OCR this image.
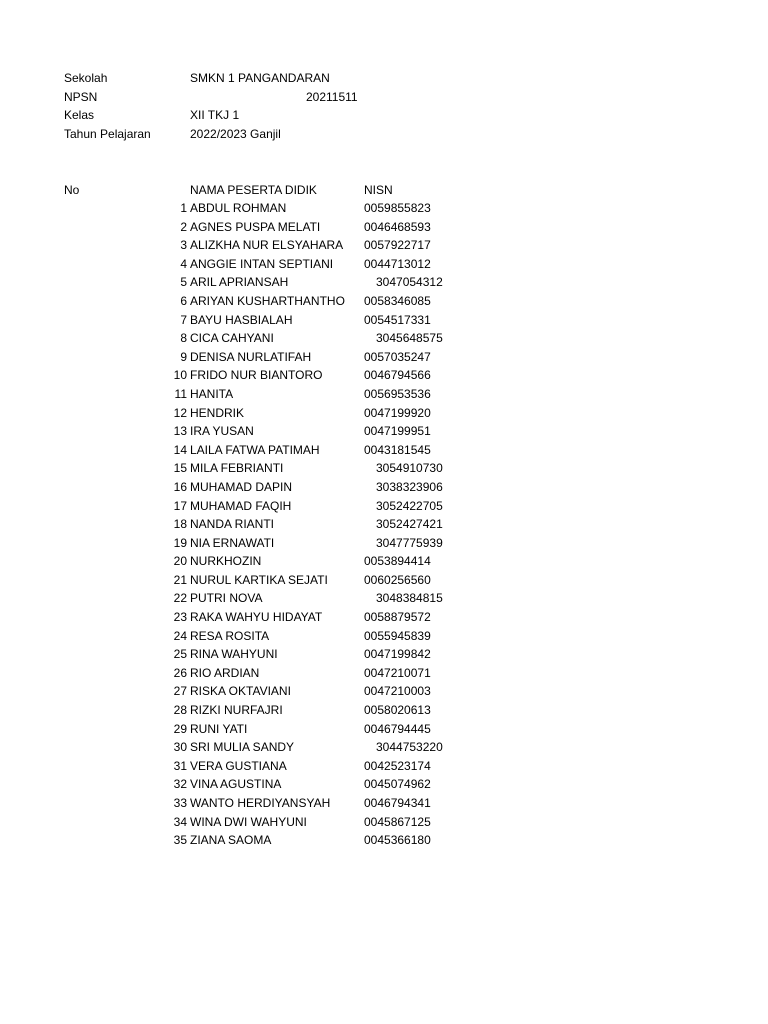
Sekolah	SMKN 1 PANGANDARAN
NPSN	20211511
Kelas	XII TKJ 1
Tahun Pelajaran	2022/2023 Ganjil
No	NAMA PESERTA DIDIK	NISN
1 ABDUL ROHMAN	0059855823
2 AGNES PUSPA MELATI	0046468593
3 ALIZKHA NUR ELSYAHARA 0057922717
4 ANGGIE INTAN SEPTIANI	0044713012
5 ARIL APRIANSAH	3047054312
6 ARIYAN KUSHARTHANTHO 0058346085
7 BAYU HASBIALAH	0054517331
8 CICA CAHYANI	3045648575
9 DENISA NURLATIFAH	0057035247
10 FRIDO NUR BIANTORO	0046794566
11 HANITA	0056953536
12 HENDRIK	0047199920
13 IRA YUSAN	0047199951
14 LAILA FATWA PATIMAH	0043181545
15 MILA FEBRIANTI	3054910730
16 MUHAMAD DAPIN	3038323906
17 MUHAMAD FAQIH	3052422705
18 NANDA RIANTI	3052427421
19 NIA ERNAWATI	3047775939
20 NURKHOZIN	0053894414
21 NURUL KARTIKA SEJATI	0060256560
22 PUTRI NOVA	3048384815
23 RAKA WAHYU HIDAYAT	0058879572
24 RESA ROSITA	0055945839
25 RINA WAHYUNI	0047199842
26 RIO ARDIAN	0047210071
27 RISKA OKTAVIANI	0047210003
28 RIZKI NURFAJRI	0058020613
29 RUNI YATI	0046794445
30 SRI MULIA SANDY	3044753220
31 VERA GUSTIANA	0042523174
32 VINA AGUSTINA	0045074962
33 WANTO HERDIYANSYAH	0046794341
34 WINA DWI WAHYUNI	0045867125
35 ZIANA SAOMA	0045366180
